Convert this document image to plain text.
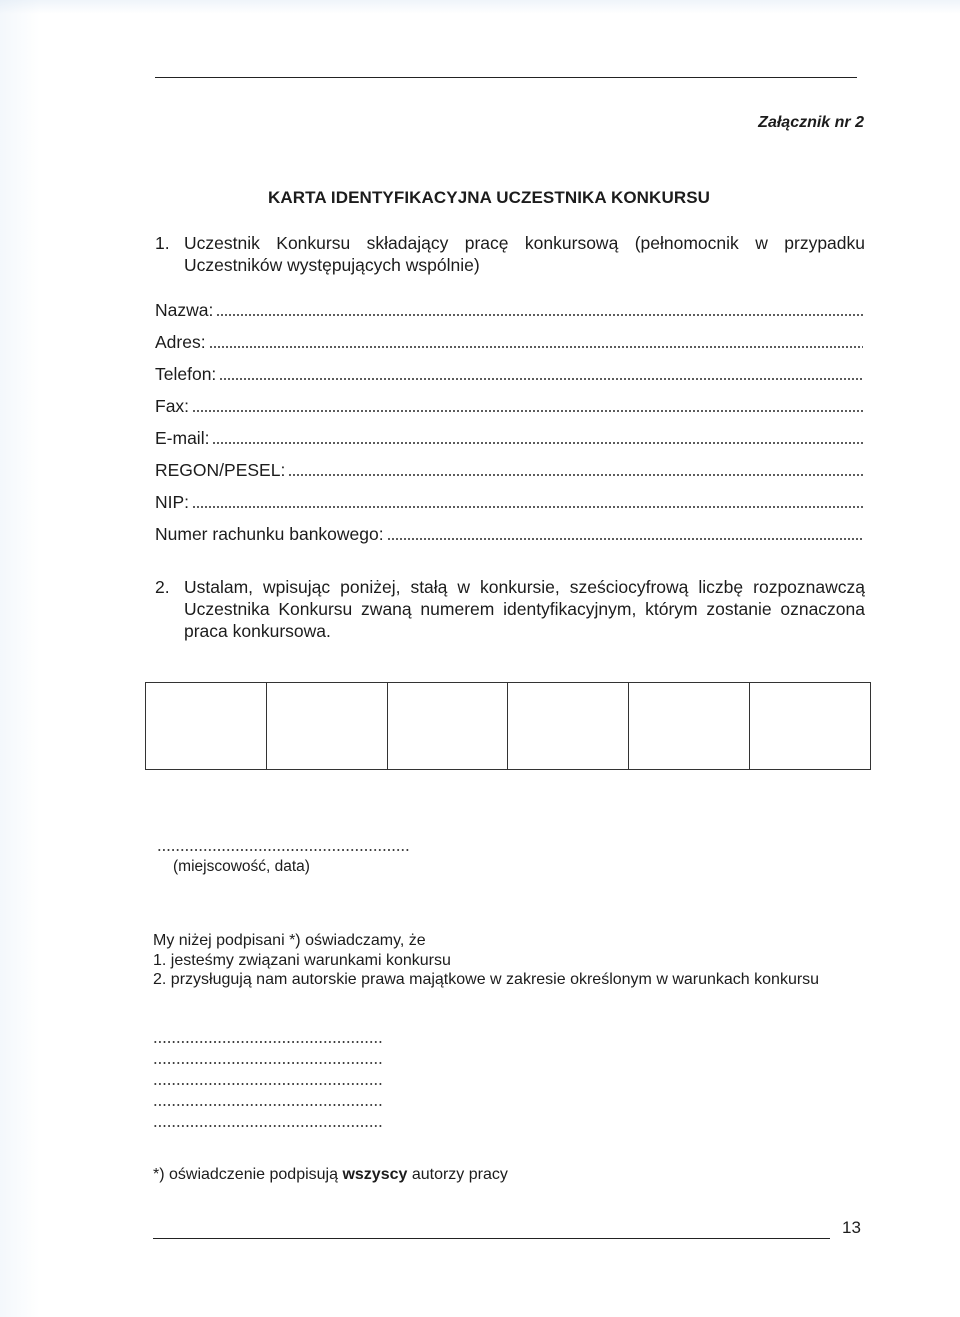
Załącznik nr 2
KARTA IDENTYFIKACYJNA UCZESTNIKA KONKURSU
1. Uczestnik Konkursu składający pracę konkursową (pełnomocnik w przypadku Uczestników występujących wspólnie)
Nazwa:
Adres:
Telefon:
Fax:
E-mail:
REGON/PESEL:
NIP:
Numer rachunku bankowego:
2. Ustalam, wpisując poniżej, stałą w konkursie, sześciocyfrową liczbę rozpoznawczą Uczestnika Konkursu zwaną numerem identyfikacyjnym, którym zostanie oznaczona praca konkursowa.
(miejscowość, data)
My niżej podpisani *) oświadczamy, że
1. jesteśmy związani warunkami konkursu
2. przysługują nam autorskie prawa majątkowe w zakresie określonym w warunkach konkursu
*) oświadczenie podpisują wszyscy autorzy pracy
13
